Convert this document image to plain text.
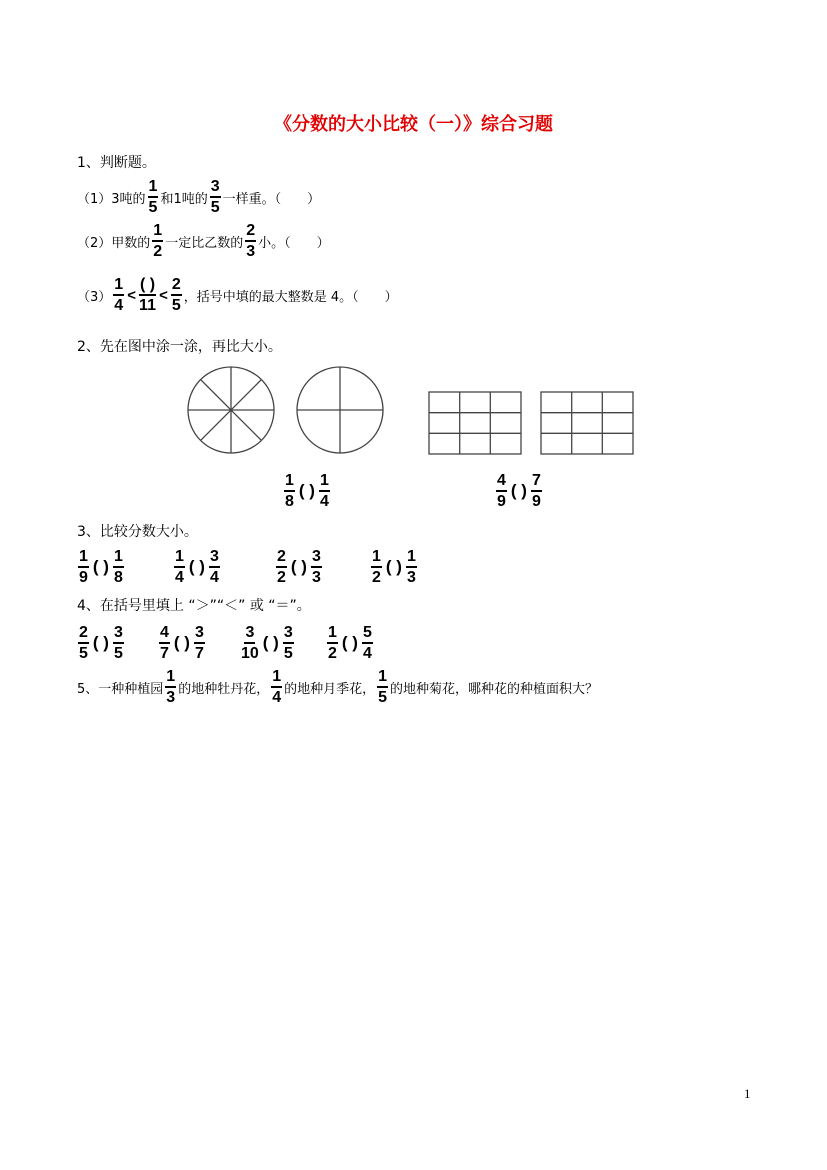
《分数的大小比较（一）》综合习题
1、判断题。
（1）3吨的 $\frac{1}{5}$ 和1吨的 $\frac{3}{5}$ 一样重。（　　）
（2）甲数的 $\frac{1}{2}$ 一定比乙数的 $\frac{2}{3}$ 小。（　　）
$(3) \frac{1}{4} < \frac{( )}{11} < \frac{2}{5}$ ，括号中填的最大整数是 4。（　　）
2、先在图中涂一涂，再比大小。
$\frac{1}{8}$ ( ) $\frac{1}{4}$	$\frac{4}{9}$ ( ) $\frac{7}{9}$
3、比较分数大小。
$\frac{1}{9}$ ( ) $\frac{1}{8}$	$\frac{1}{4}$ ( ) $\frac{3}{4}$	$\frac{2}{2}$ ( ) $\frac{3}{3}$	$\frac{1}{2}$ ( ) $\frac{1}{3}$
4、在括号里填上 “＞”“＜” 或 “＝”。
$\frac{2}{5}$ ( ) $\frac{3}{5} \frac{4}{7}$ ( ) $\frac{3}{7} \frac{3}{10}$ ( ) $\frac{3}{5} \frac{1}{2}$ ( ) $\frac{5}{4}$
5、一种种植园 $\frac{1}{3}$ 的地种牡丹花， $\frac{1}{4}$ 的地种月季花， $\frac{1}{5}$ 的地种菊花，哪种花的种植面积大？
1
